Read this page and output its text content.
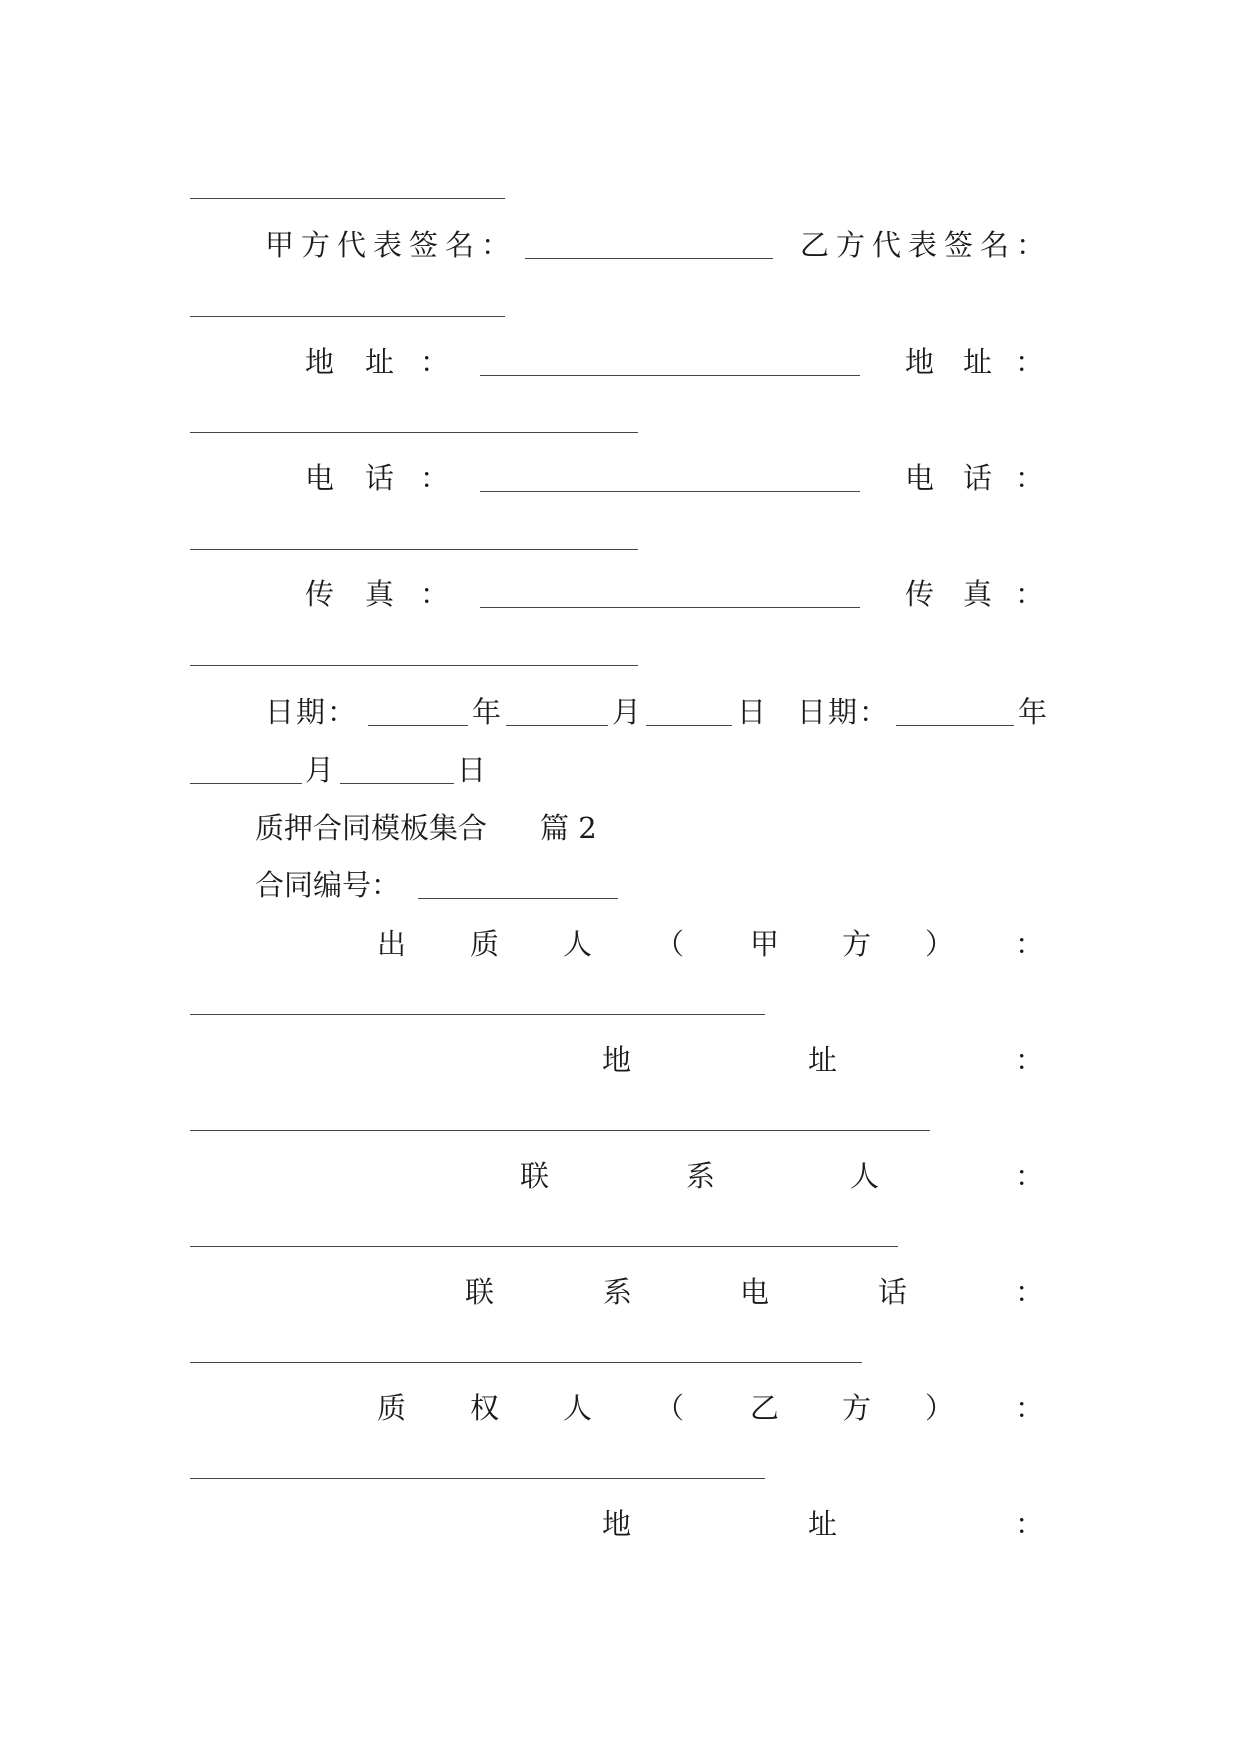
甲方代表签名：	乙方代表签名：
地 址 ：	地 址 ：
电 话 ：	电 话 ：
传 真 ：	传 真 ：
日期：	年	月	日 日期：	年
月	日
质押合同模板集合 篇 2
合同编号：
出 质 人 （ 甲 方 ） ：
地	址	：
联	系	人	：
联	系	电	话	：
质 权 人 （ 乙 方 ） ：
地	址	：
